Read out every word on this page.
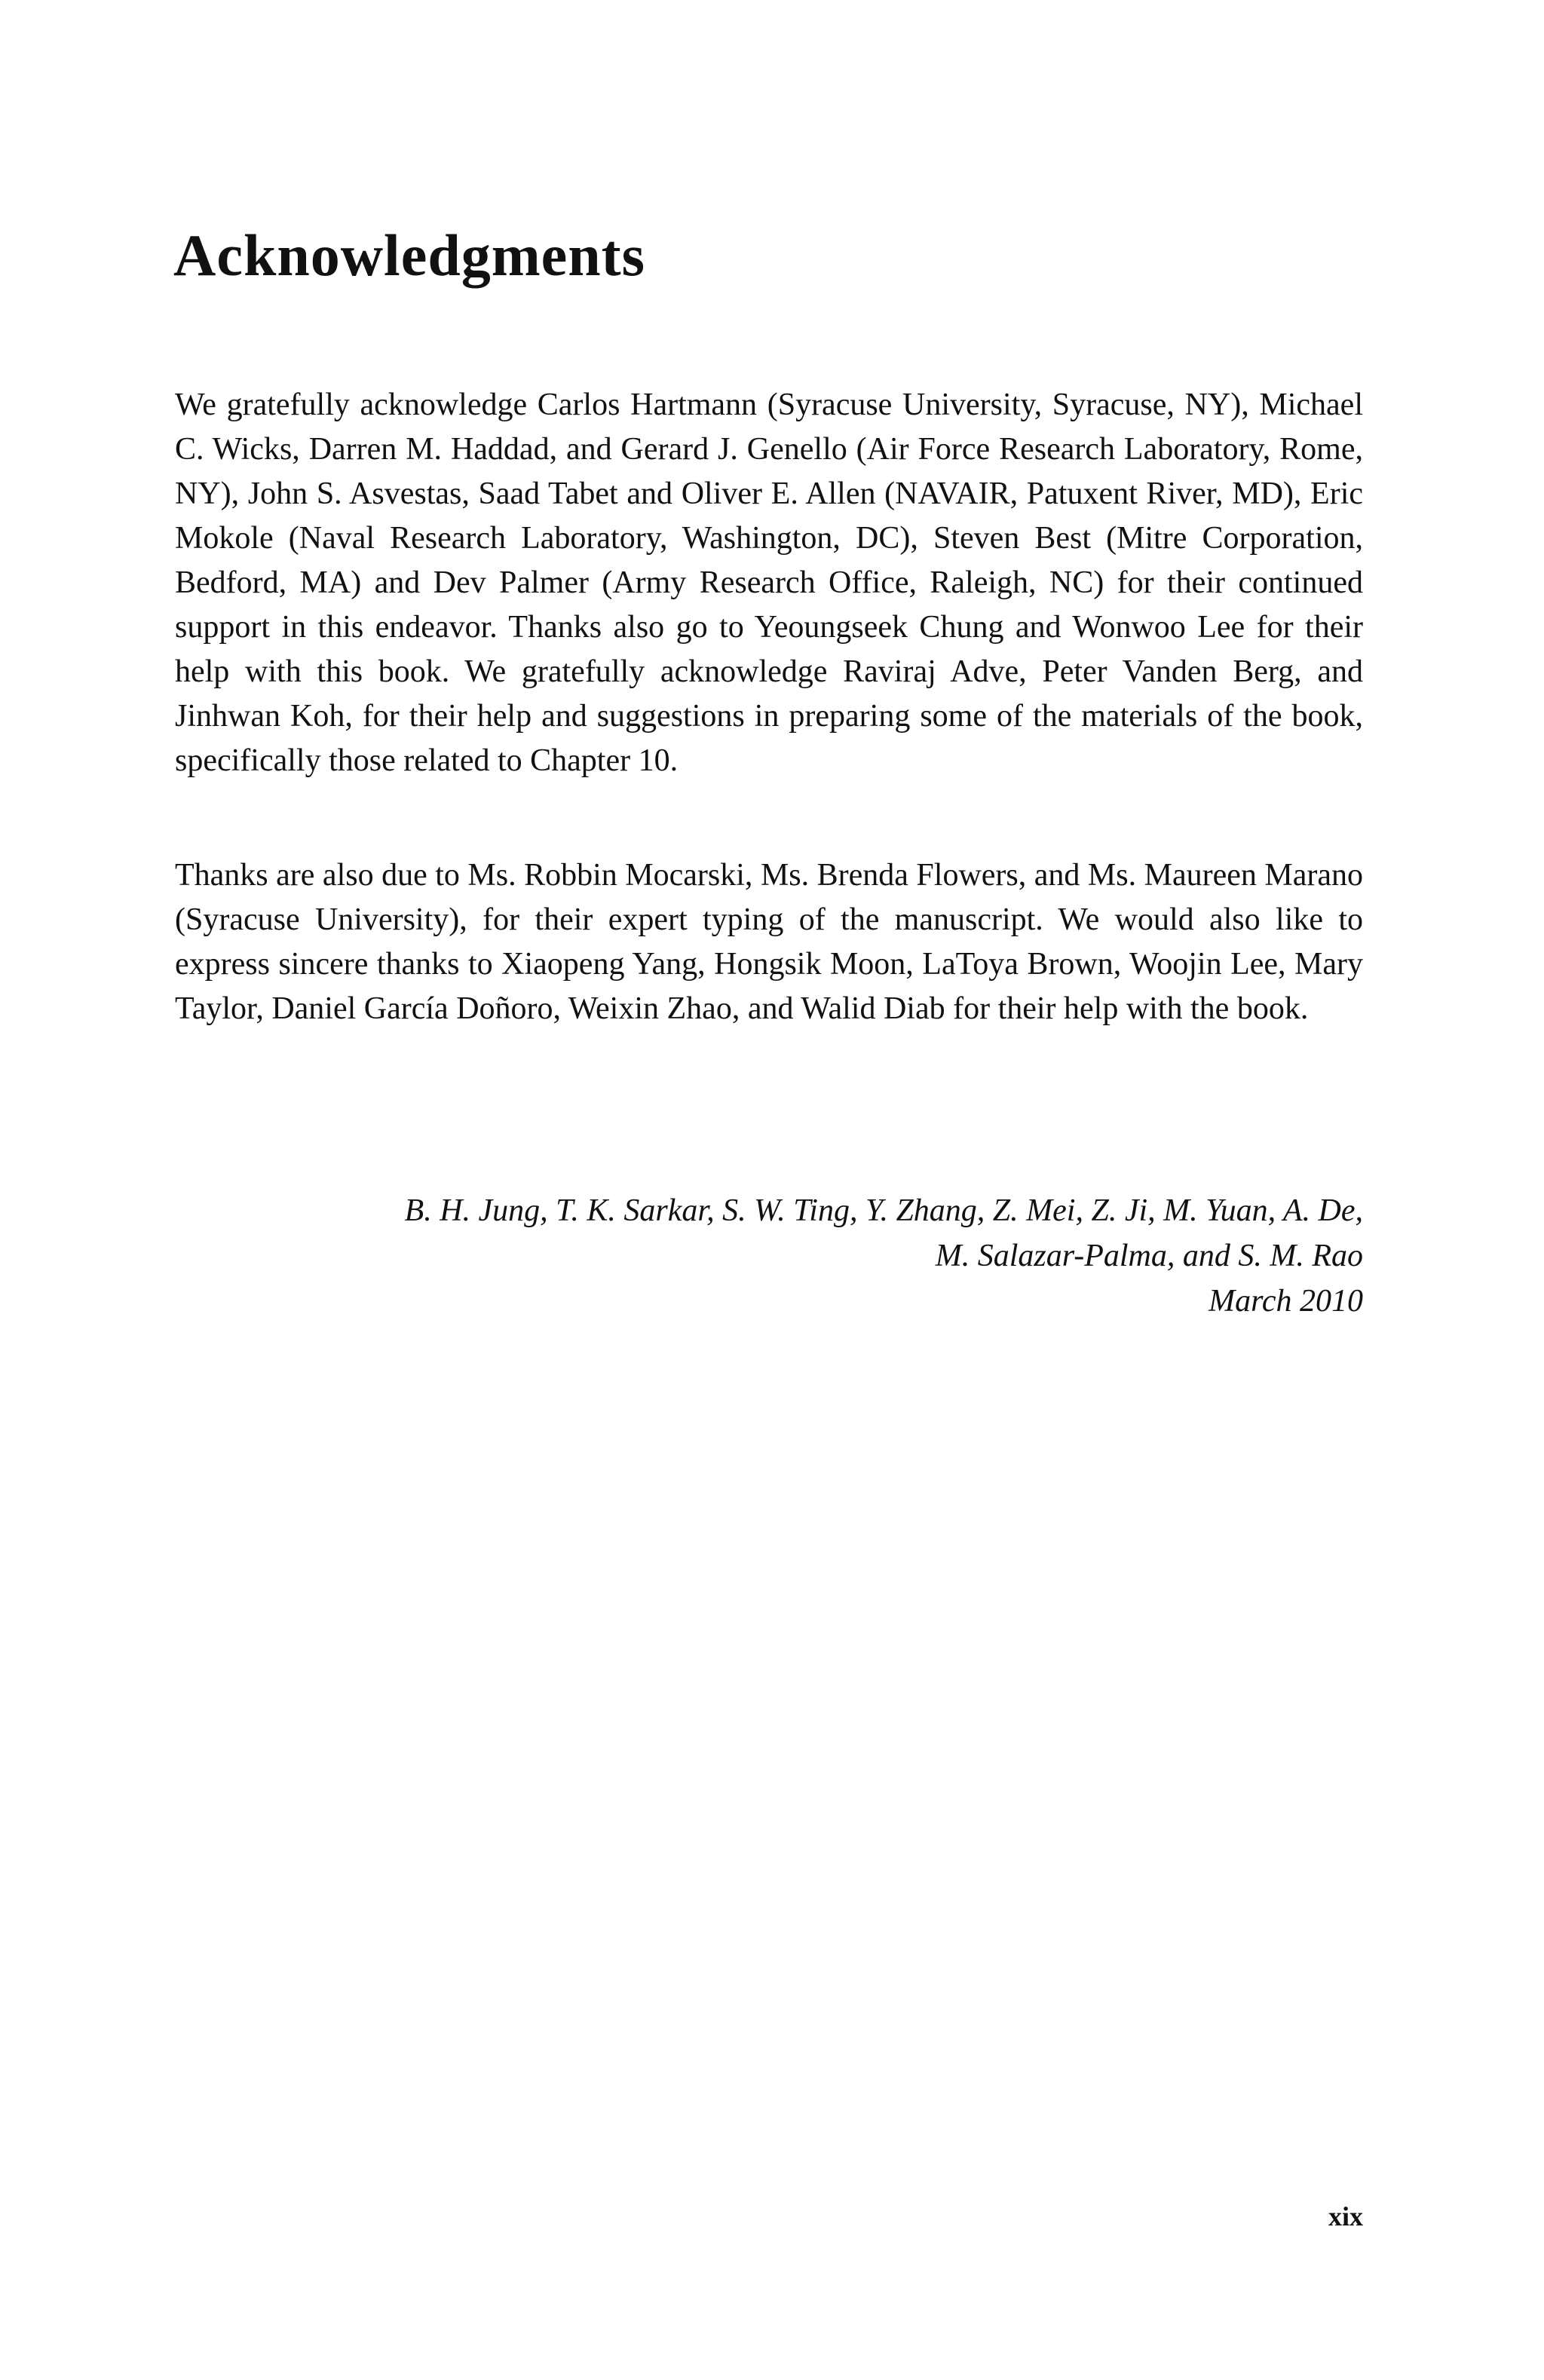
Acknowledgments

We gratefully acknowledge Carlos Hartmann (Syracuse University, Syracuse, NY), Michael C. Wicks, Darren M. Haddad, and Gerard J. Genello (Air Force Research Laboratory, Rome, NY), John S. Asvestas, Saad Tabet and Oliver E. Allen (NAVAIR, Patuxent River, MD), Eric Mokole (Naval Research Laboratory, Washington, DC), Steven Best (Mitre Corporation, Bedford, MA) and Dev Palmer (Army Research Office, Raleigh, NC) for their continued support in this endeavor. Thanks also go to Yeoungseek Chung and Wonwoo Lee for their help with this book. We gratefully acknowledge Raviraj Adve, Peter Vanden Berg, and Jinhwan Koh, for their help and suggestions in preparing some of the materials of the book, specifically those related to Chapter 10.

Thanks are also due to Ms. Robbin Mocarski, Ms. Brenda Flowers, and Ms. Maureen Marano (Syracuse University), for their expert typing of the manuscript. We would also like to express sincere thanks to Xiaopeng Yang, Hongsik Moon, LaToya Brown, Woojin Lee, Mary Taylor, Daniel García Doñoro, Weixin Zhao, and Walid Diab for their help with the book.

B. H. Jung, T. K. Sarkar, S. W. Ting, Y. Zhang, Z. Mei, Z. Ji, M. Yuan, A. De,
M. Salazar-Palma, and S. M. Rao
March 2010
xix
